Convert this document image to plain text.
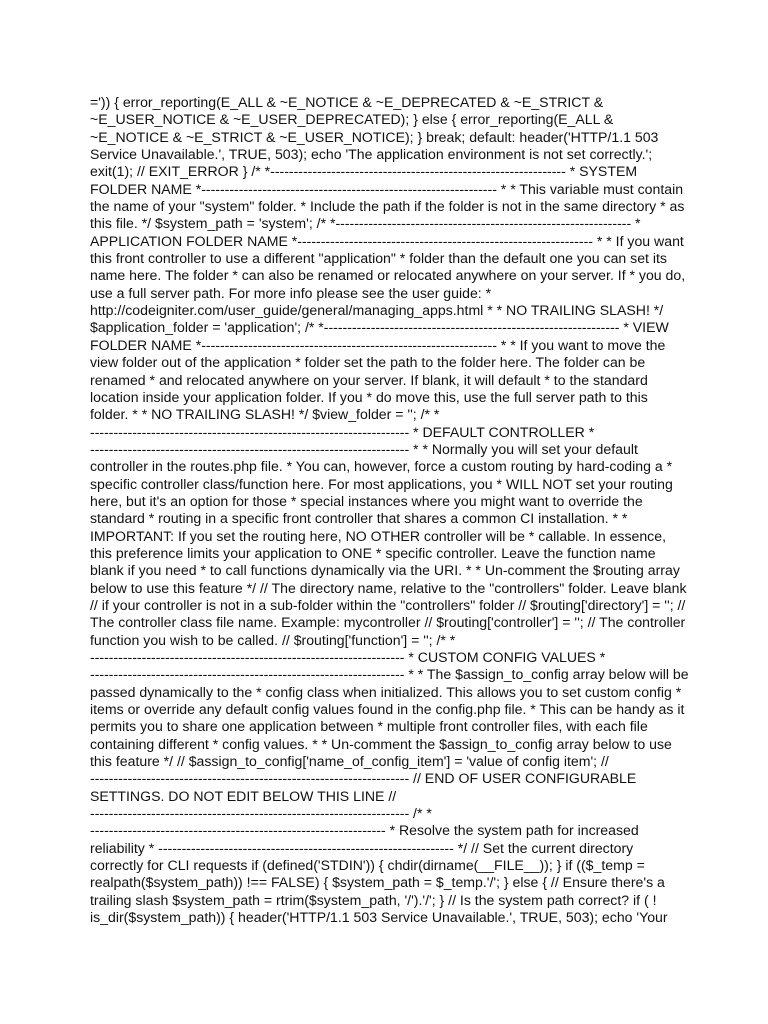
=')) { error_reporting(E_ALL & ~E_NOTICE & ~E_DEPRECATED & ~E_STRICT &
~E_USER_NOTICE & ~E_USER_DEPRECATED); } else { error_reporting(E_ALL &
~E_NOTICE & ~E_STRICT & ~E_USER_NOTICE); } break; default: header('HTTP/1.1 503
Service Unavailable.', TRUE, 503); echo 'The application environment is not set correctly.';
exit(1); // EXIT_ERROR } /* *--------------------------------------------------------------- * SYSTEM
FOLDER NAME *--------------------------------------------------------------- * * This variable must contain
the name of your "system" folder. * Include the path if the folder is not in the same directory * as
this file. */ $system_path = 'system'; /* *--------------------------------------------------------------- *
APPLICATION FOLDER NAME *--------------------------------------------------------------- * * If you want
this front controller to use a different "application" * folder than the default one you can set its
name here. The folder * can also be renamed or relocated anywhere on your server. If * you do,
use a full server path. For more info please see the user guide: *
http://codeigniter.com/user_guide/general/managing_apps.html * * NO TRAILING SLASH! */
$application_folder = 'application'; /* *--------------------------------------------------------------- * VIEW
FOLDER NAME *--------------------------------------------------------------- * * If you want to move the
view folder out of the application * folder set the path to the folder here. The folder can be
renamed * and relocated anywhere on your server. If blank, it will default * to the standard
location inside your application folder. If you * do move this, use the full server path to this
folder. * * NO TRAILING SLASH! */ $view_folder = ''; /* *
-------------------------------------------------------------------- * DEFAULT CONTROLLER *
-------------------------------------------------------------------- * * Normally you will set your default
controller in the routes.php file. * You can, however, force a custom routing by hard-coding a *
specific controller class/function here. For most applications, you * WILL NOT set your routing
here, but it's an option for those * special instances where you might want to override the
standard * routing in a specific front controller that shares a common CI installation. * *
IMPORTANT: If you set the routing here, NO OTHER controller will be * callable. In essence,
this preference limits your application to ONE * specific controller. Leave the function name
blank if you need * to call functions dynamically via the URI. * * Un-comment the $routing array
below to use this feature */ // The directory name, relative to the "controllers" folder. Leave blank
// if your controller is not in a sub-folder within the "controllers" folder // $routing['directory'] = ''; //
The controller class file name. Example: mycontroller // $routing['controller'] = ''; // The controller
function you wish to be called. // $routing['function'] = ''; /* *
------------------------------------------------------------------- * CUSTOM CONFIG VALUES *
------------------------------------------------------------------- * * The $assign_to_config array below will be
passed dynamically to the * config class when initialized. This allows you to set custom config *
items or override any default config values found in the config.php file. * This can be handy as it
permits you to share one application between * multiple front controller files, with each file
containing different * config values. * * Un-comment the $assign_to_config array below to use
this feature */ // $assign_to_config['name_of_config_item'] = 'value of config item'; //
-------------------------------------------------------------------- // END OF USER CONFIGURABLE
SETTINGS. DO NOT EDIT BELOW THIS LINE //
-------------------------------------------------------------------- /* *
--------------------------------------------------------------- * Resolve the system path for increased
reliability * --------------------------------------------------------------- */ // Set the current directory
correctly for CLI requests if (defined('STDIN')) { chdir(dirname(__FILE__)); } if (($_temp =
realpath($system_path)) !== FALSE) { $system_path = $_temp.'/'; } else { // Ensure there's a
trailing slash $system_path = rtrim($system_path, '/').'/'; } // Is the system path correct? if ( !
is_dir($system_path)) { header('HTTP/1.1 503 Service Unavailable.', TRUE, 503); echo 'Your
